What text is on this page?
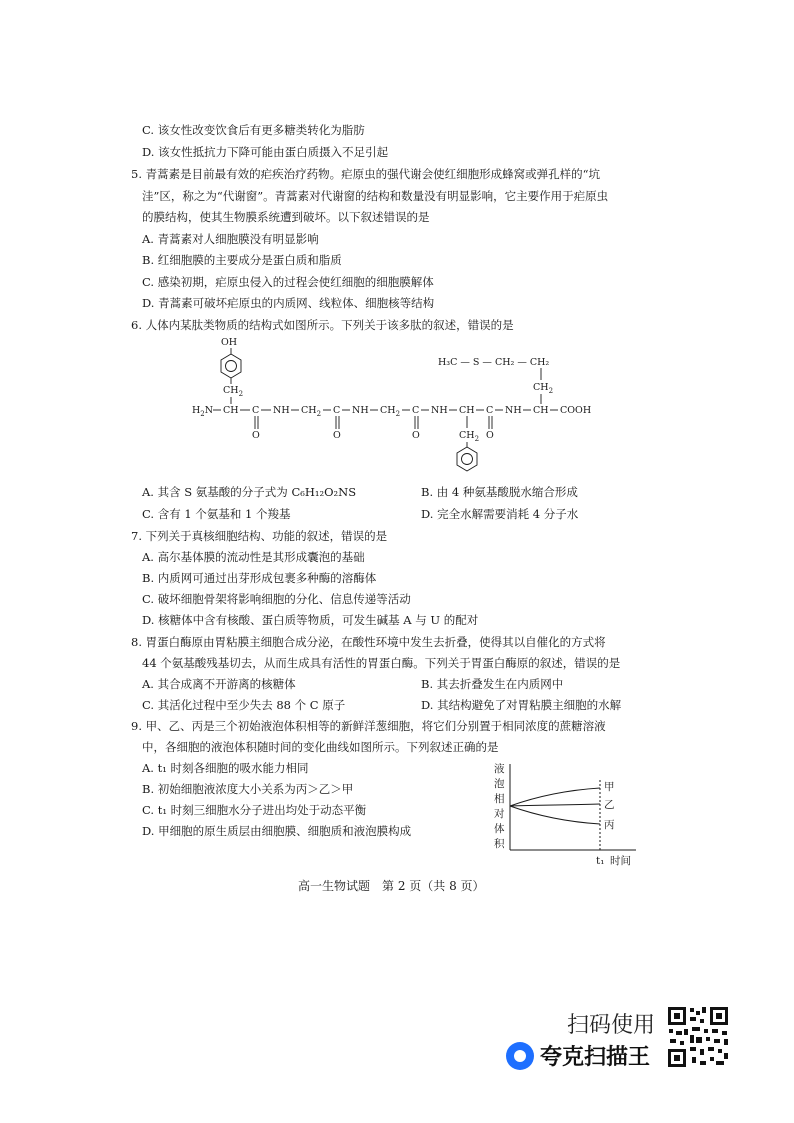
C. 该女性改变饮食后有更多糖类转化为脂肪
D. 该女性抵抗力下降可能由蛋白质摄入不足引起
5. 青蒿素是目前最有效的疟疾治疗药物。疟原虫的强代谢会使红细胞形成蜂窝或弹孔样的“坑
洼”区，称之为“代谢窗”。青蒿素对代谢窗的结构和数量没有明显影响，它主要作用于疟原虫
的膜结构，使其生物膜系统遭到破坏。以下叙述错误的是
A. 青蒿素对人细胞膜没有明显影响
B. 红细胞膜的主要成分是蛋白质和脂质
C. 感染初期，疟原虫侵入的过程会使红细胞的细胞膜解体
D. 青蒿素可破坏疟原虫的内质网、线粒体、细胞核等结构
6. 人体内某肽类物质的结构式如图所示。下列关于该多肽的叙述，错误的是
OH
$CH_2$
$H_2N$ CH C
O
NH $CH_2$ C
O
NH $CH_2$ C
O
NH CH C
O
NH CH COOH
$CH_2$
H₃C — S — CH₂ — CH₂
$CH_2$
A. 其含 S 氨基酸的分子式为 C₆H₁₂O₂NS	B. 由 4 种氨基酸脱水缩合形成
C. 含有 1 个氨基和 1 个羧基	D. 完全水解需要消耗 4 分子水
7. 下列关于真核细胞结构、功能的叙述，错误的是
A. 高尔基体膜的流动性是其形成囊泡的基础
B. 内质网可通过出芽形成包裹多种酶的溶酶体
C. 破坏细胞骨架将影响细胞的分化、信息传递等活动
D. 核糖体中含有核酸、蛋白质等物质，可发生碱基 A 与 U 的配对
8. 胃蛋白酶原由胃粘膜主细胞合成分泌，在酸性环境中发生去折叠，使得其以自催化的方式将
44 个氨基酸残基切去，从而生成具有活性的胃蛋白酶。下列关于胃蛋白酶原的叙述，错误的是
A. 其合成离不开游离的核糖体	B. 其去折叠发生在内质网中
C. 其活化过程中至少失去 88 个 C 原子	D. 其结构避免了对胃粘膜主细胞的水解
9. 甲、乙、丙是三个初始液泡体积相等的新鲜洋葱细胞，将它们分别置于相同浓度的蔗糖溶液
中，各细胞的液泡体积随时间的变化曲线如图所示。下列叙述正确的是
A. t₁ 时刻各细胞的吸水能力相同
B. 初始细胞液浓度大小关系为丙＞乙＞甲
C. t₁ 时刻三细胞水分子进出均处于动态平衡
D. 甲细胞的原生质层由细胞膜、细胞质和液泡膜构成
液
泡
相
对
体
积
甲
乙
丙
t₁ 时间
高一生物试题　第 2 页（共 8 页）
扫码使用
夸克扫描王
